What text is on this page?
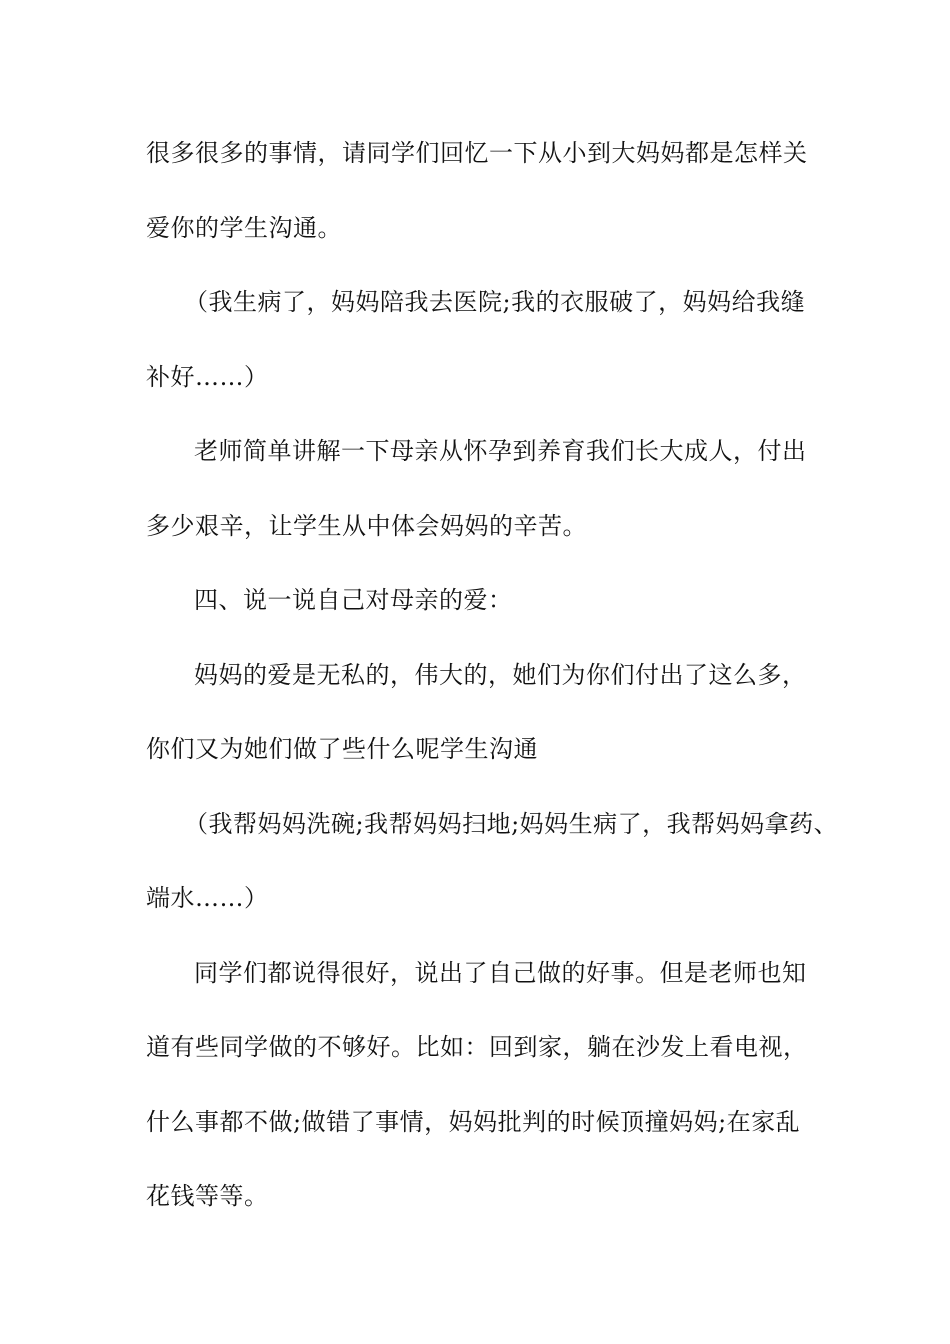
很多很多的事情，请同学们回忆一下从小到大妈妈都是怎样关
爱你的学生沟通。
（我生病了，妈妈陪我去医院;我的衣服破了，妈妈给我缝
补好……）
老师简单讲解一下母亲从怀孕到养育我们长大成人，付出
多少艰辛，让学生从中体会妈妈的辛苦。
四、说一说自己对母亲的爱：
妈妈的爱是无私的，伟大的，她们为你们付出了这么多，
你们又为她们做了些什么呢学生沟通
（我帮妈妈洗碗;我帮妈妈扫地;妈妈生病了，我帮妈妈拿药、
端水……）
同学们都说得很好，说出了自己做的好事。但是老师也知
道有些同学做的不够好。比如：回到家，躺在沙发上看电视，
什么事都不做;做错了事情，妈妈批判的时候顶撞妈妈;在家乱
花钱等等。
